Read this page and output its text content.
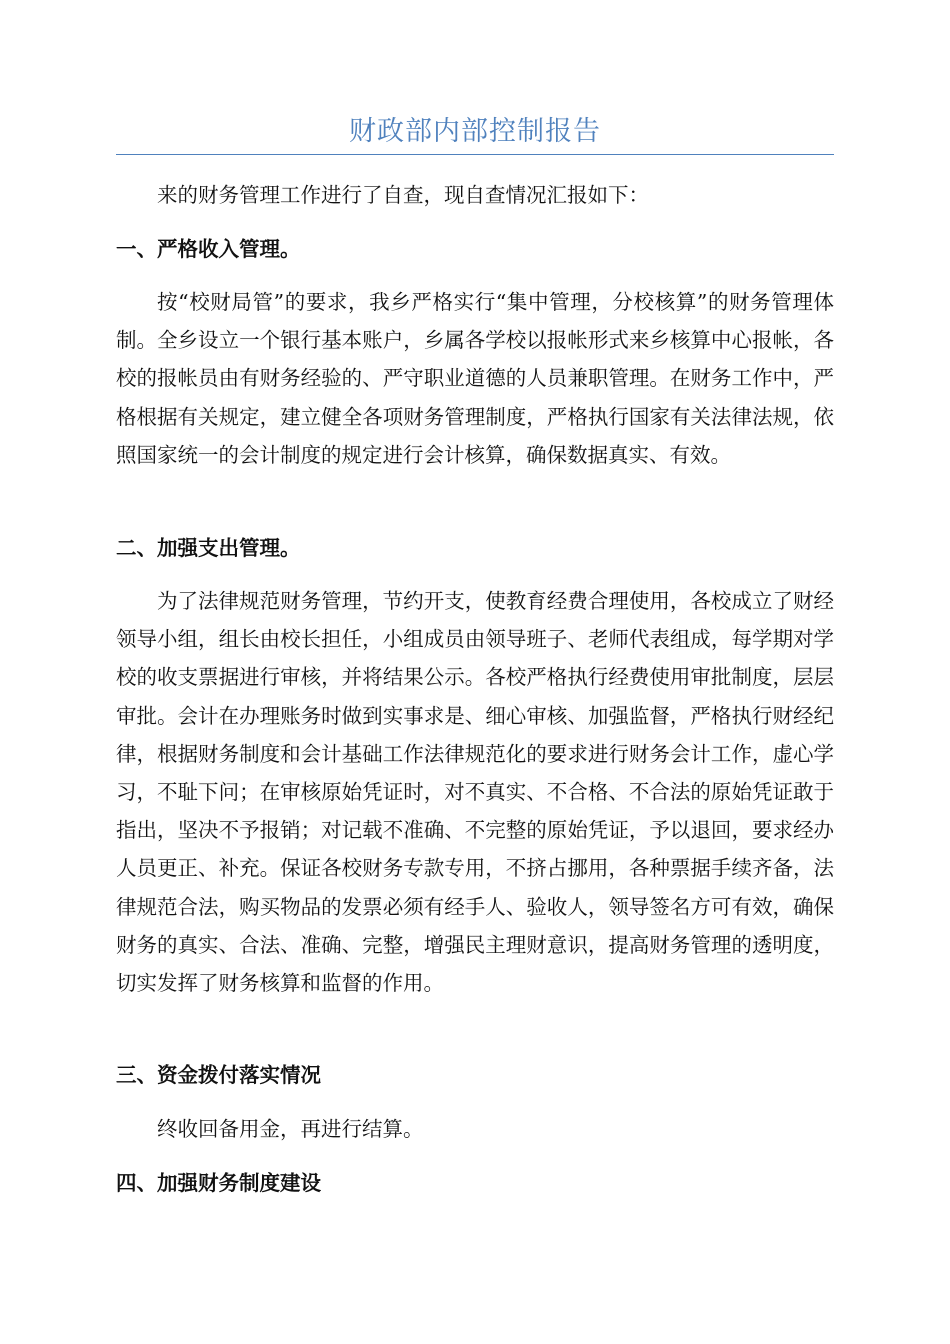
财政部内部控制报告

来的财务管理工作进行了自查，现自查情况汇报如下：

一、严格收入管理。

按“校财局管”的要求，我乡严格实行“集中管理，分校核算”的财务管理体制。全乡设立一个银行基本账户，乡属各学校以报帐形式来乡核算中心报帐，各校的报帐员由有财务经验的、严守职业道德的人员兼职管理。在财务工作中，严格根据有关规定，建立健全各项财务管理制度，严格执行国家有关法律法规，依照国家统一的会计制度的规定进行会计核算，确保数据真实、有效。

二、加强支出管理。

为了法律规范财务管理，节约开支，使教育经费合理使用，各校成立了财经领导小组，组长由校长担任，小组成员由领导班子、老师代表组成，每学期对学校的收支票据进行审核，并将结果公示。各校严格执行经费使用审批制度，层层审批。会计在办理账务时做到实事求是、细心审核、加强监督，严格执行财经纪律，根据财务制度和会计基础工作法律规范化的要求进行财务会计工作，虚心学习，不耻下问；在审核原始凭证时，对不真实、不合格、不合法的原始凭证敢于指出，坚决不予报销；对记载不准确、不完整的原始凭证，予以退回，要求经办人员更正、补充。保证各校财务专款专用，不挤占挪用，各种票据手续齐备，法律规范合法，购买物品的发票必须有经手人、验收人，领导签名方可有效，确保财务的真实、合法、准确、完整，增强民主理财意识，提高财务管理的透明度，切实发挥了财务核算和监督的作用。

三、资金拨付落实情况

终收回备用金，再进行结算。

四、加强财务制度建设
